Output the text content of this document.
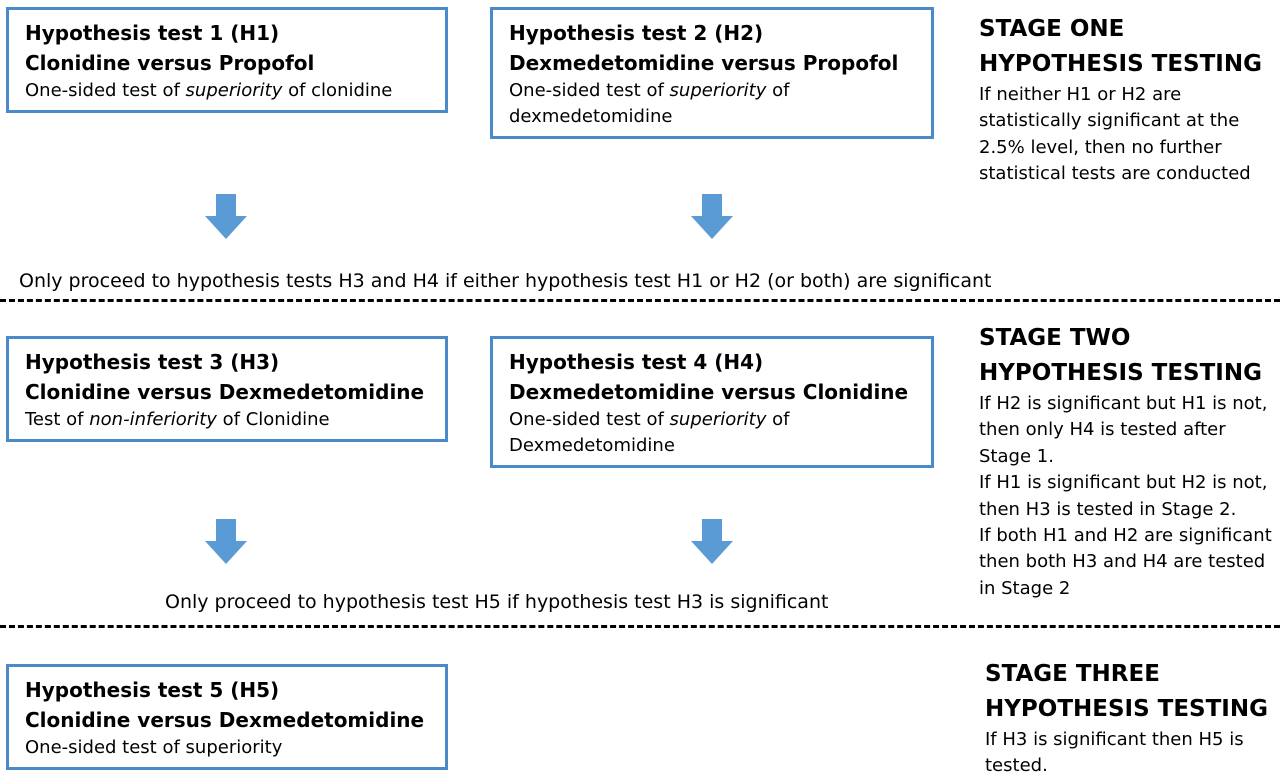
Hypothesis test 1 (H1)
Clonidine versus Propofol
One-sided test of superiority of clonidine
Hypothesis test 2 (H2)
Dexmedetomidine versus Propofol
One-sided test of superiority of dexmedetomidine
Only proceed to hypothesis tests H3 and H4 if either hypothesis test H1 or H2 (or both) are significant
Hypothesis test 3 (H3)
Clonidine versus Dexmedetomidine
Test of non-inferiority of Clonidine
Hypothesis test 4 (H4)
Dexmedetomidine versus Clonidine
One-sided test of superiority of Dexmedetomidine
Only proceed to hypothesis test H5 if hypothesis test H3 is significant
Hypothesis test 5 (H5)
Clonidine versus Dexmedetomidine
One-sided test of superiority
STAGE ONE
HYPOTHESIS TESTING
If neither H1 or H2 are statistically significant at the 2.5% level, then no further statistical tests are conducted
STAGE TWO
HYPOTHESIS TESTING
If H2 is significant but H1 is not, then only H4 is tested after Stage 1.
If H1 is significant but H2 is not, then H3 is tested in Stage 2.
If both H1 and H2 are significant then both H3 and H4 are tested in Stage 2
STAGE THREE
HYPOTHESIS TESTING
If H3 is significant then H5 is tested.
